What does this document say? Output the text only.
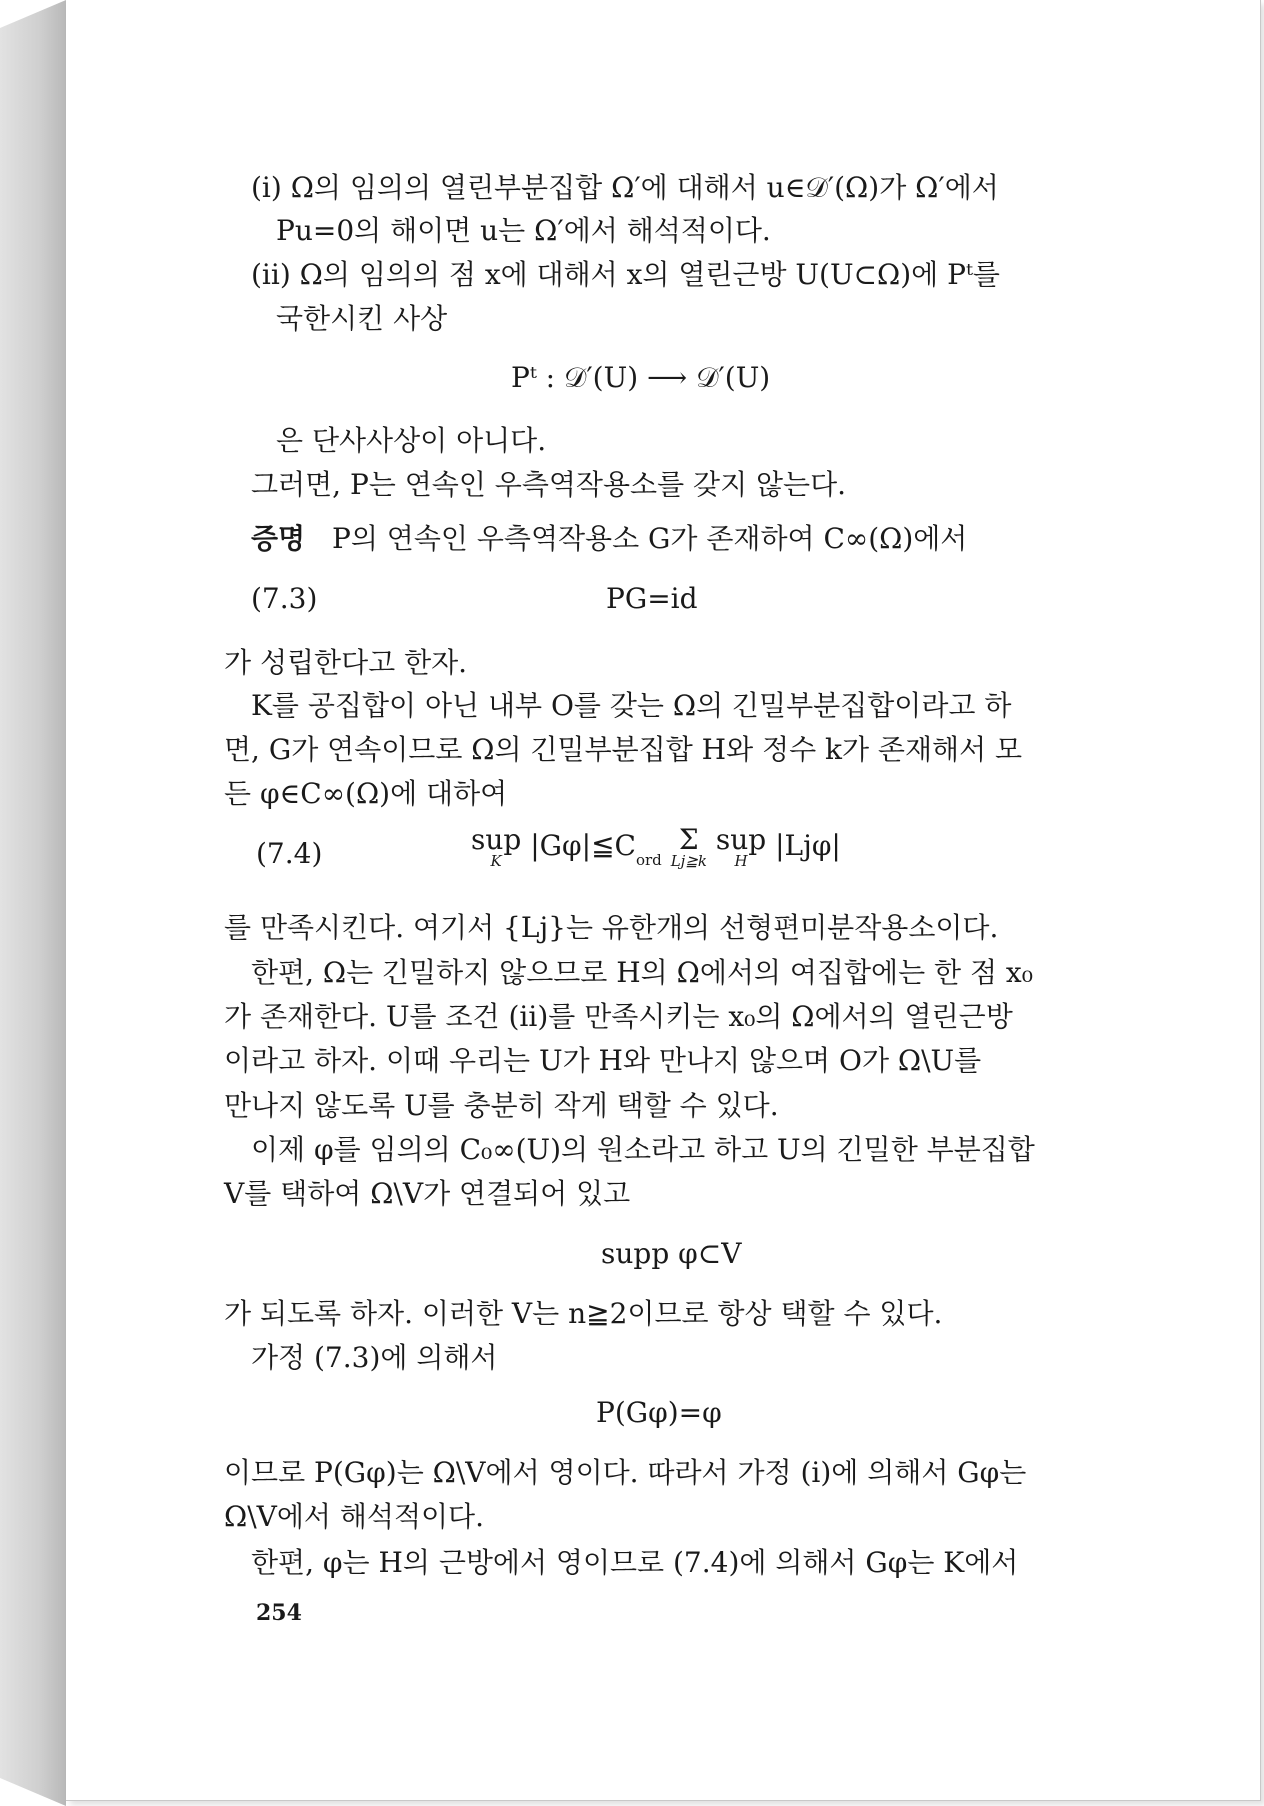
(i) Ω의 임의의 열린부분집합 Ω′에 대해서 u∈𝒟′(Ω)가 Ω′에서
Pu=0의 해이면 u는 Ω′에서 해석적이다.
(ii) Ω의 임의의 점 x에 대해서 x의 열린근방 U(U⊂Ω)에 Pᵗ를
국한시킨 사상
Pᵗ : 𝒟′(U) ⟶ 𝒟′(U)
은 단사사상이 아니다.
그러면, P는 연속인 우측역작용소를 갖지 않는다.
증명 P의 연속인 우측역작용소 G가 존재하여 C∞(Ω)에서
(7.3)	PG=id
가 성립한다고 한자.
K를 공집합이 아닌 내부 O를 갖는 Ω의 긴밀부분집합이라고 하
면, G가 연속이므로 Ω의 긴밀부분집합 H와 정수 k가 존재해서 모
든 φ∈C∞(Ω)에 대하여
(7.4)	sup
K	$|G\varphi|≦C_{ord}$
Σ
Lj≧k

sup
H |Ljφ|
를 만족시킨다. 여기서 {Lj}는 유한개의 선형편미분작용소이다.
한편, Ω는 긴밀하지 않으므로 H의 Ω에서의 여집합에는 한 점 x₀
가 존재한다. U를 조건 (ii)를 만족시키는 x₀의 Ω에서의 열린근방
이라고 하자. 이때 우리는 U가 H와 만나지 않으며 O가 Ω\U를
만나지 않도록 U를 충분히 작게 택할 수 있다.
이제 φ를 임의의 C₀∞(U)의 원소라고 하고 U의 긴밀한 부분집합
V를 택하여 Ω\V가 연결되어 있고
supp φ⊂V
가 되도록 하자. 이러한 V는 n≧2이므로 항상 택할 수 있다.
가정 (7.3)에 의해서
P(Gφ)=φ
이므로 P(Gφ)는 Ω\V에서 영이다. 따라서 가정 (i)에 의해서 Gφ는
Ω\V에서 해석적이다.
한편, φ는 H의 근방에서 영이므로 (7.4)에 의해서 Gφ는 K에서
254
